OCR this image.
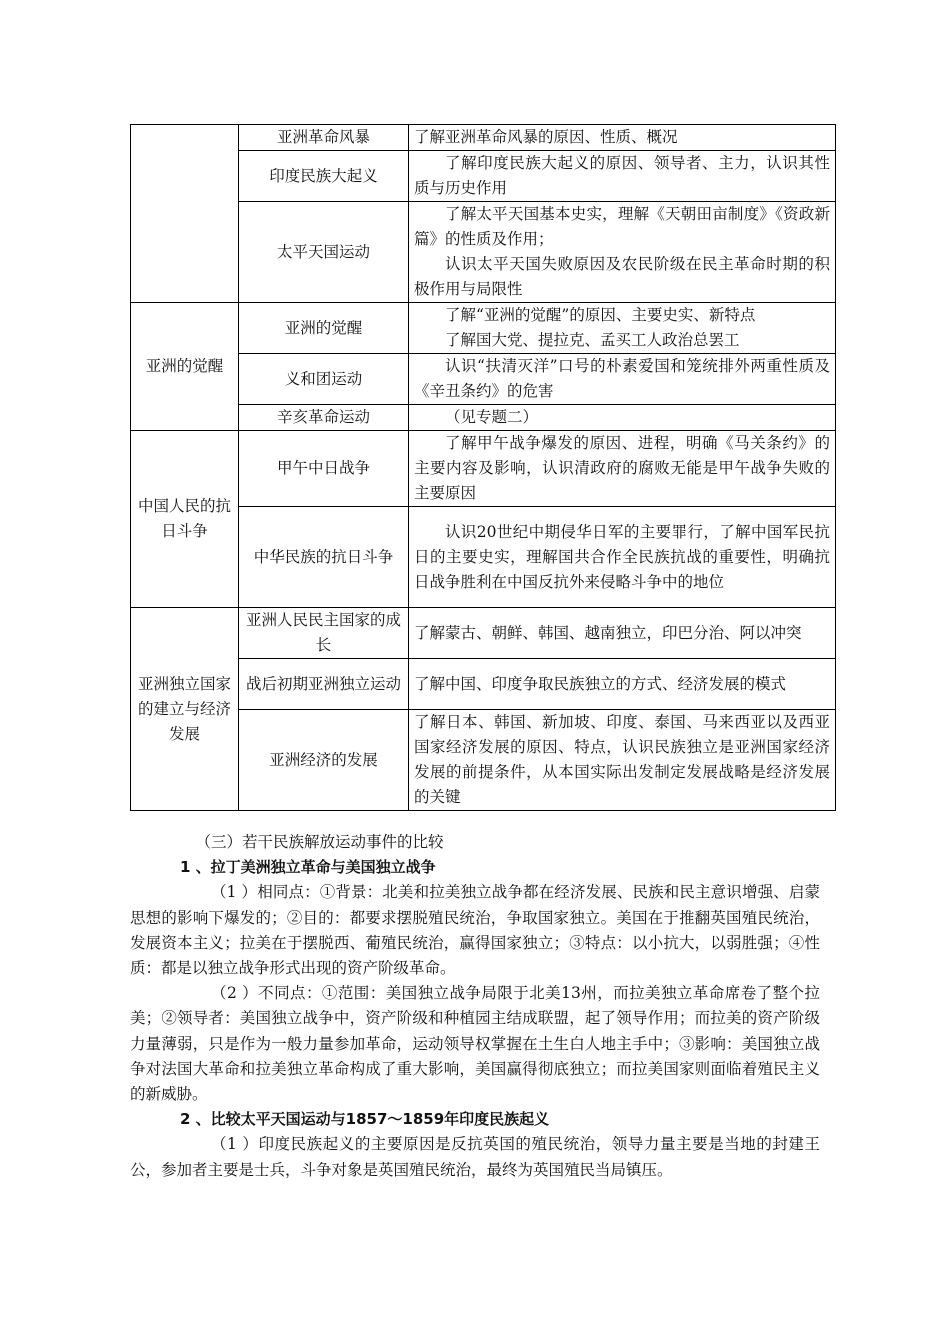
	亚洲革命风暴	了解亚洲革命风暴的原因、性质、概况

	印度民族大起义	了解印度民族大起义的原因、领导者、主力，认识其性质与历史作用

	太平天国运动	了解太平天国基本史实，理解《天朝田亩制度》《资政新篇》的性质及作用；
认识太平天国失败原因及农民阶级在民主革命时期的积极作用与局限性

亚洲的觉醒	亚洲的觉醒	了解“亚洲的觉醒”的原因、主要史实、新特点
了解国大党、提拉克、孟买工人政治总罢工

	义和团运动	认识“扶清灭洋”口号的朴素爱国和笼统排外两重性质及《辛丑条约》的危害

	辛亥革命运动	（见专题二）

中国人民的抗日斗争	甲午中日战争	了解甲午战争爆发的原因、进程，明确《马关条约》的主要内容及影响，认识清政府的腐败无能是甲午战争失败的主要原因

	中华民族的抗日斗争	认识20世纪中期侵华日军的主要罪行，了解中国军民抗日的主要史实，理解国共合作全民族抗战的重要性，明确抗日战争胜利在中国反抗外来侵略斗争中的地位

亚洲独立国家的建立与经济发展	亚洲人民民主国家的成长	了解蒙古、朝鲜、韩国、越南独立，印巴分治、阿以冲突

	战后初期亚洲独立运动	了解中国、印度争取民族独立的方式、经济发展的模式

	亚洲经济的发展	了解日本、韩国、新加坡、印度、泰国、马来西亚以及西亚国家经济发展的原因、特点，认识民族独立是亚洲国家经济发展的前提条件，从本国实际出发制定发展战略是经济发展的关键

（三）若干民族解放运动事件的比较

1 、拉丁美洲独立革命与美国独立战争

（1 ）相同点：①背景：北美和拉美独立战争都在经济发展、民族和民主意识增强、启蒙思想的影响下爆发的；②目的：都要求摆脱殖民统治，争取国家独立。美国在于推翻英国殖民统治，发展资本主义；拉美在于摆脱西、葡殖民统治，赢得国家独立；③特点：以小抗大，以弱胜强；④性质：都是以独立战争形式出现的资产阶级革命。

（2 ）不同点：①范围：美国独立战争局限于北美13州，而拉美独立革命席卷了整个拉美；②领导者：美国独立战争中，资产阶级和种植园主结成联盟，起了领导作用；而拉美的资产阶级力量薄弱，只是作为一般力量参加革命，运动领导权掌握在土生白人地主手中；③影响：美国独立战争对法国大革命和拉美独立革命构成了重大影响，美国赢得彻底独立；而拉美国家则面临着殖民主义的新威胁。

2 、比较太平天国运动与1857～1859年印度民族起义

（1 ）印度民族起义的主要原因是反抗英国的殖民统治，领导力量主要是当地的封建王公，参加者主要是士兵，斗争对象是英国殖民统治，最终为英国殖民当局镇压。
